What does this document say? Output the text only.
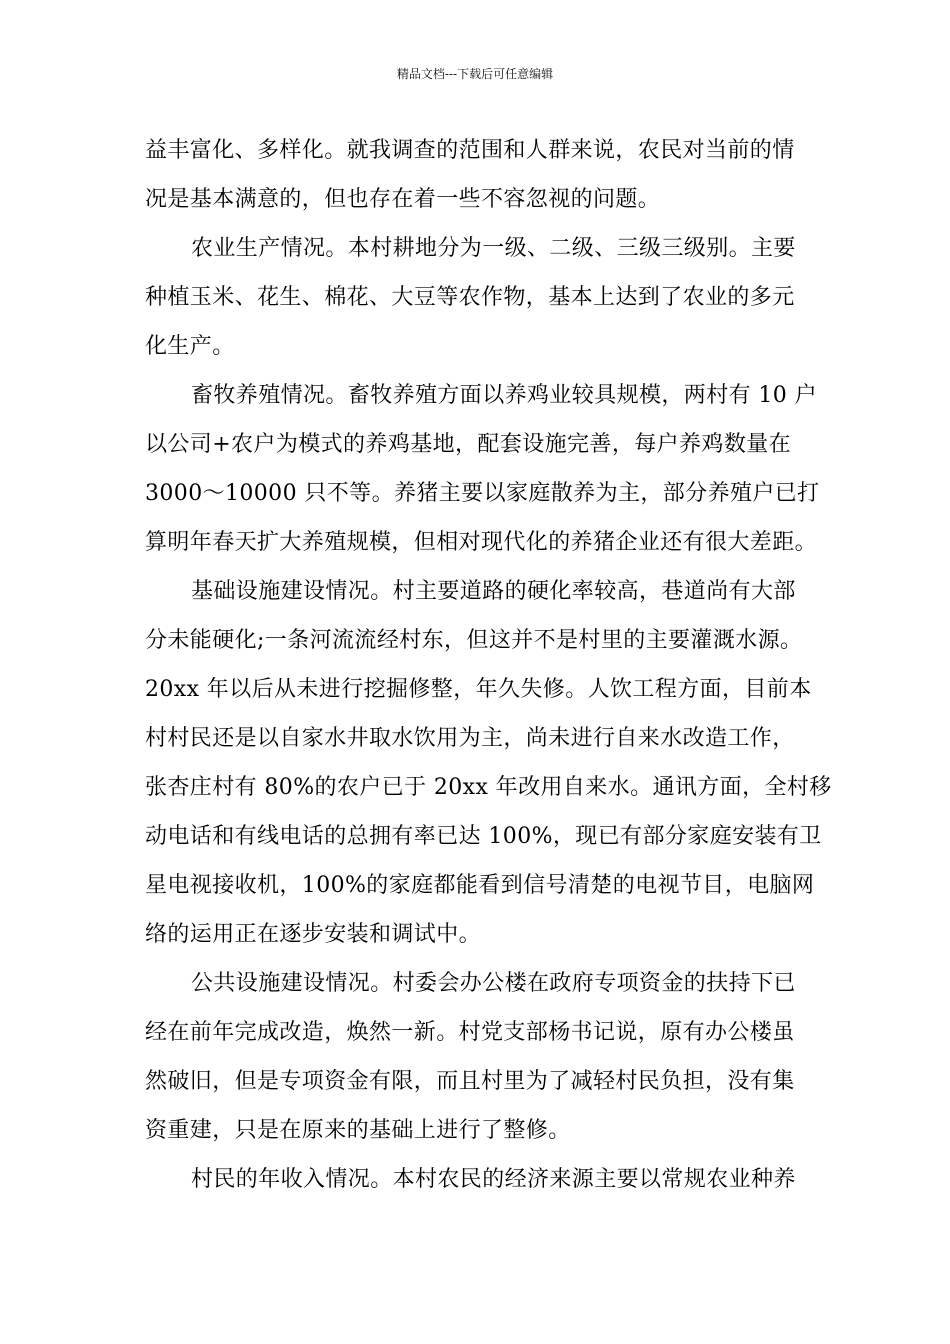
精品文档---下载后可任意编辑
益丰富化、多样化。就我调查的范围和人群来说，农民对当前的情
况是基本满意的，但也存在着一些不容忽视的问题。
农业生产情况。本村耕地分为一级、二级、三级三级别。主要
种植玉米、花生、棉花、大豆等农作物，基本上达到了农业的多元
化生产。
畜牧养殖情况。畜牧养殖方面以养鸡业较具规模，两村有 10 户
以公司+农户为模式的养鸡基地，配套设施完善，每户养鸡数量在
3000～10000 只不等。养猪主要以家庭散养为主，部分养殖户已打
算明年春天扩大养殖规模，但相对现代化的养猪企业还有很大差距。
基础设施建设情况。村主要道路的硬化率较高，巷道尚有大部
分未能硬化;一条河流流经村东，但这并不是村里的主要灌溉水源。
20xx 年以后从未进行挖掘修整，年久失修。人饮工程方面，目前本
村村民还是以自家水井取水饮用为主，尚未进行自来水改造工作，
张杏庄村有 80%的农户已于 20xx 年改用自来水。通讯方面，全村移
动电话和有线电话的总拥有率已达 100%，现已有部分家庭安装有卫
星电视接收机，100%的家庭都能看到信号清楚的电视节目，电脑网
络的运用正在逐步安装和调试中。
公共设施建设情况。村委会办公楼在政府专项资金的扶持下已
经在前年完成改造，焕然一新。村党支部杨书记说，原有办公楼虽
然破旧，但是专项资金有限，而且村里为了减轻村民负担，没有集
资重建，只是在原来的基础上进行了整修。
村民的年收入情况。本村农民的经济来源主要以常规农业种养
